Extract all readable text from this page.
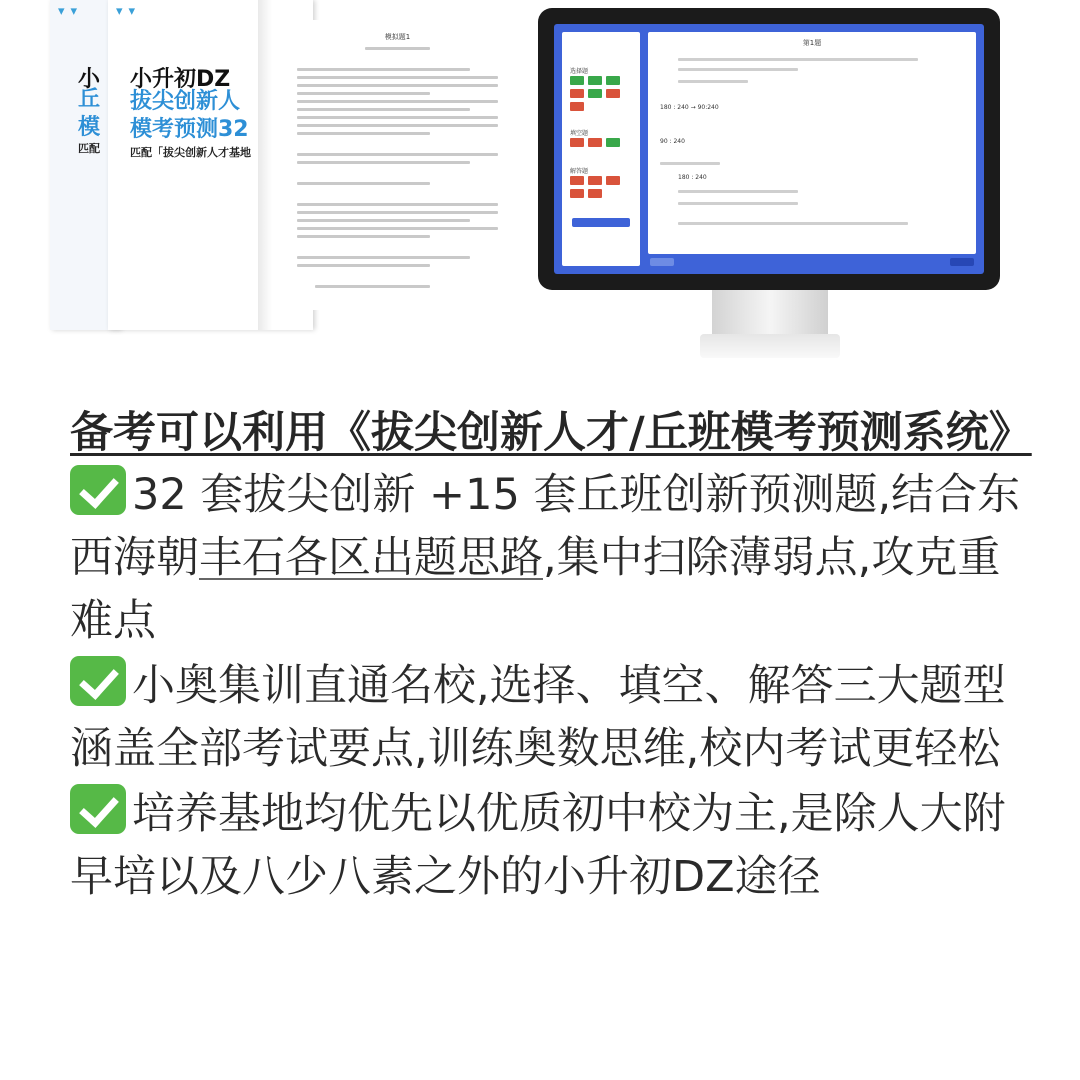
▾▾
小
丘
模
匹配
▾▾
小升初DZ
拔尖创新人
模考预测32
匹配「拔尖创新人才基地
模拟题1
选择题
填空题
解答题
第1题
180 : 240 → 90:240
90 : 240
180 : 240
备考可以利用《拔尖创新人才/丘班模考预测系统》
32 套拔尖创新 +15 套丘班创新预测题,结合东西海朝丰石各区出题思路,集中扫除薄弱点,攻克重难点
小奥集训直通名校,选择、填空、解答三大题型涵盖全部考试要点,训练奥数思维,校内考试更轻松
培养基地均优先以优质初中校为主,是除人大附早培以及八少八素之外的小升初DZ途径
